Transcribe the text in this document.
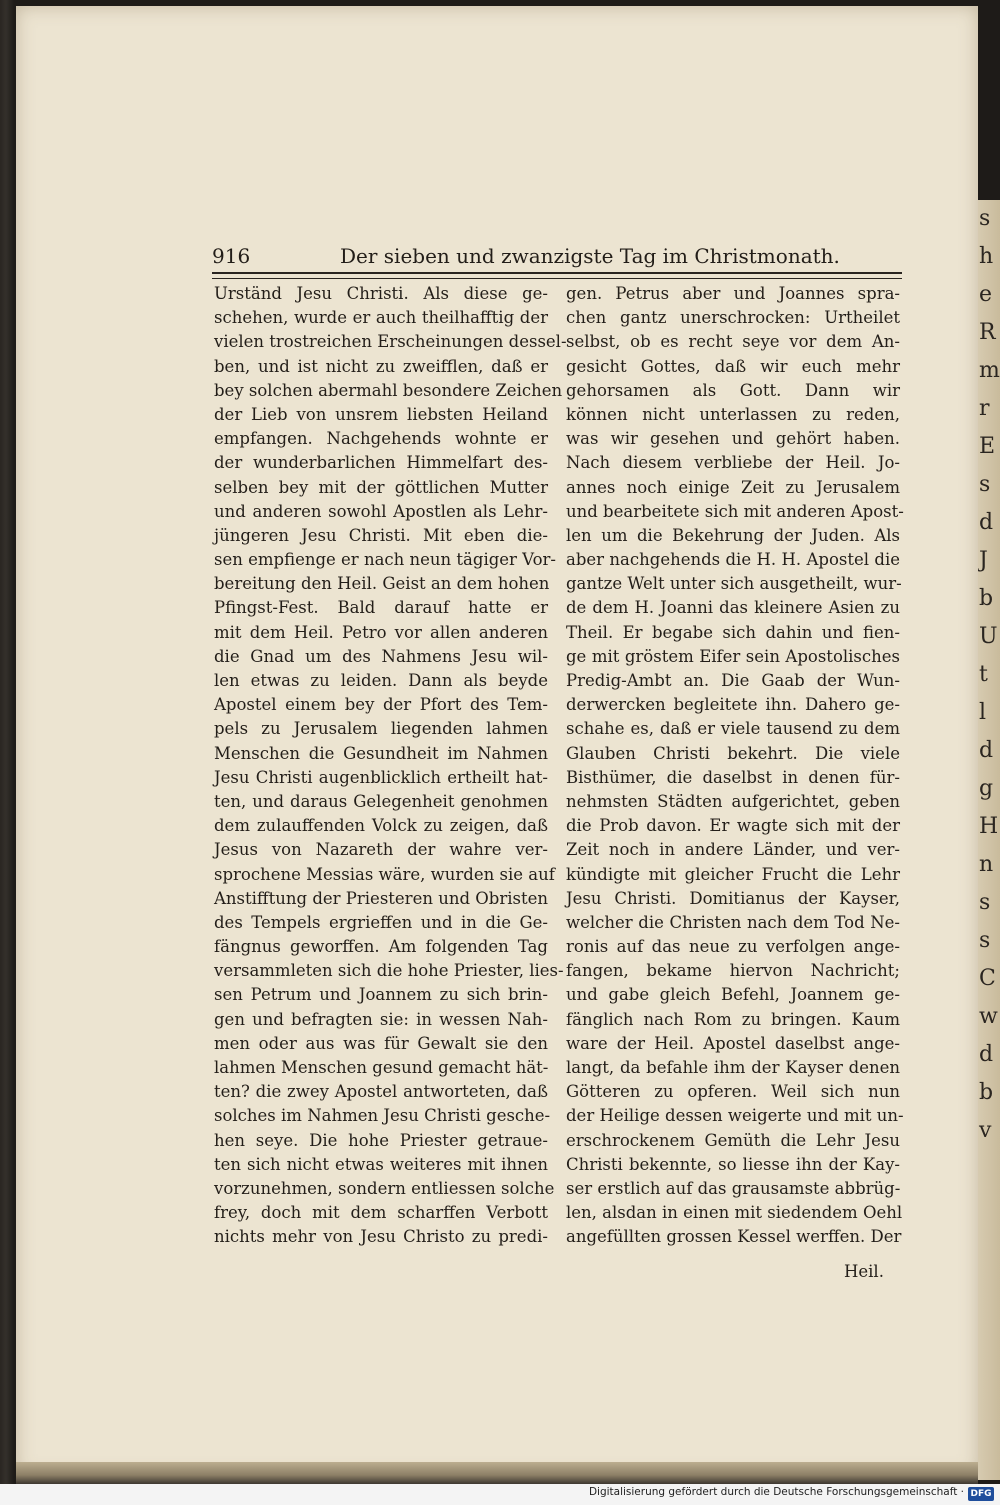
s
h
e
R
m
r
E
s
d
J
b
U
t
l
d
g
H
n
s
s
C
w
d
b
v
916	Der sieben und zwanzigste Tag im Christmonath.
Urständ Jesu Christi. Als diese ge-
schehen, wurde er auch theilhafftig der
vielen trostreichen Erscheinungen dessel-
ben, und ist nicht zu zweifflen, daß er
bey solchen abermahl besondere Zeichen
der Lieb von unsrem liebsten Heiland
empfangen. Nachgehends wohnte er
der wunderbarlichen Himmelfart des-
selben bey mit der göttlichen Mutter
und anderen sowohl Apostlen als Lehr-
jüngeren Jesu Christi. Mit eben die-
sen empfienge er nach neun tägiger Vor-
bereitung den Heil. Geist an dem hohen
Pfingst-Fest. Bald darauf hatte er
mit dem Heil. Petro vor allen anderen
die Gnad um des Nahmens Jesu wil-
len etwas zu leiden. Dann als beyde
Apostel einem bey der Pfort des Tem-
pels zu Jerusalem liegenden lahmen
Menschen die Gesundheit im Nahmen
Jesu Christi augenblicklich ertheilt hat-
ten, und daraus Gelegenheit genohmen
dem zulauffenden Volck zu zeigen, daß
Jesus von Nazareth der wahre ver-
sprochene Messias wäre, wurden sie auf
Anstifftung der Priesteren und Obristen
des Tempels ergrieffen und in die Ge-
fängnus geworffen. Am folgenden Tag
versammleten sich die hohe Priester, lies-
sen Petrum und Joannem zu sich brin-
gen und befragten sie: in wessen Nah-
men oder aus was für Gewalt sie den
lahmen Menschen gesund gemacht hät-
ten? die zwey Apostel antworteten, daß
solches im Nahmen Jesu Christi gesche-
hen seye. Die hohe Priester getraue-
ten sich nicht etwas weiteres mit ihnen
vorzunehmen, sondern entliessen solche
frey, doch mit dem scharffen Verbott
nichts mehr von Jesu Christo zu predi-
gen. Petrus aber und Joannes spra-
chen gantz unerschrocken: Urtheilet
selbst, ob es recht seye vor dem An-
gesicht Gottes, daß wir euch mehr
gehorsamen als Gott. Dann wir
können nicht unterlassen zu reden,
was wir gesehen und gehört haben.
Nach diesem verbliebe der Heil. Jo-
annes noch einige Zeit zu Jerusalem
und bearbeitete sich mit anderen Apost-
len um die Bekehrung der Juden. Als
aber nachgehends die H. H. Apostel die
gantze Welt unter sich ausgetheilt, wur-
de dem H. Joanni das kleinere Asien zu
Theil. Er begabe sich dahin und fien-
ge mit gröstem Eifer sein Apostolisches
Predig-Ambt an. Die Gaab der Wun-
derwercken begleitete ihn. Dahero ge-
schahe es, daß er viele tausend zu dem
Glauben Christi bekehrt. Die viele
Bisthümer, die daselbst in denen für-
nehmsten Städten aufgerichtet, geben
die Prob davon. Er wagte sich mit der
Zeit noch in andere Länder, und ver-
kündigte mit gleicher Frucht die Lehr
Jesu Christi. Domitianus der Kayser,
welcher die Christen nach dem Tod Ne-
ronis auf das neue zu verfolgen ange-
fangen, bekame hiervon Nachricht;
und gabe gleich Befehl, Joannem ge-
fänglich nach Rom zu bringen. Kaum
ware der Heil. Apostel daselbst ange-
langt, da befahle ihm der Kayser denen
Götteren zu opferen. Weil sich nun
der Heilige dessen weigerte und mit un-
erschrockenem Gemüth die Lehr Jesu
Christi bekennte, so liesse ihn der Kay-
ser erstlich auf das grausamste abbrüg-
len, alsdan in einen mit siedendem Oehl
angefüllten grossen Kessel werffen. Der
Heil.
Digitalisierung gefördert durch die Deutsche Forschungsgemeinschaft · DFG
